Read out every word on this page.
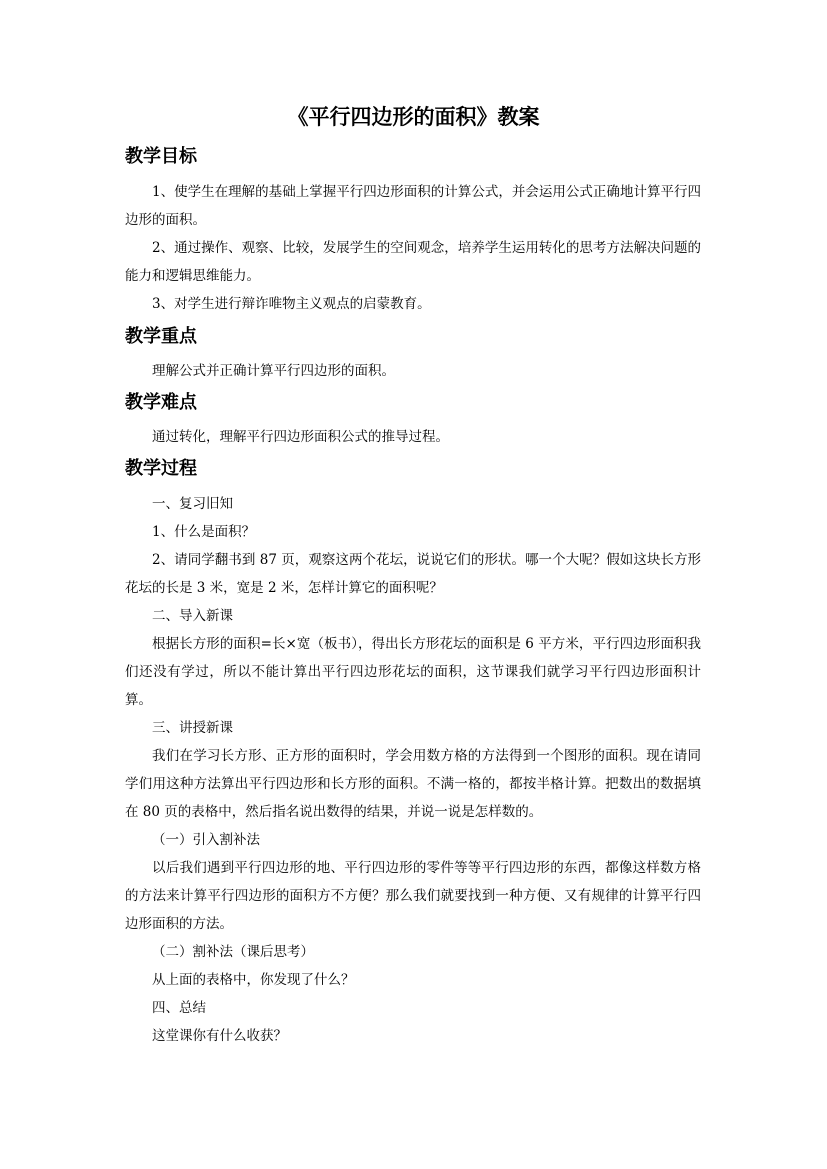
《平行四边形的面积》教案
教学目标

1、使学生在理解的基础上掌握平行四边形面积的计算公式，并会运用公式正确地计算平行四边形的面积。

2、通过操作、观察、比较，发展学生的空间观念，培养学生运用转化的思考方法解决问题的能力和逻辑思维能力。

3、对学生进行辩诈唯物主义观点的启蒙教育。

教学重点

理解公式并正确计算平行四边形的面积。

教学难点

通过转化，理解平行四边形面积公式的推导过程。

教学过程

一、复习旧知

1、什么是面积？

2、请同学翻书到 87 页，观察这两个花坛，说说它们的形状。哪一个大呢？假如这块长方形花坛的长是 3 米，宽是 2 米，怎样计算它的面积呢？

二、导入新课

根据长方形的面积=长×宽（板书），得出长方形花坛的面积是 6 平方米，平行四边形面积我们还没有学过，所以不能计算出平行四边形花坛的面积，这节课我们就学习平行四边形面积计算。

三、讲授新课

我们在学习长方形、正方形的面积时，学会用数方格的方法得到一个图形的面积。现在请同学们用这种方法算出平行四边形和长方形的面积。不满一格的，都按半格计算。把数出的数据填在 80 页的表格中，然后指名说出数得的结果，并说一说是怎样数的。

（一）引入割补法

以后我们遇到平行四边形的地、平行四边形的零件等等平行四边形的东西，都像这样数方格的方法来计算平行四边形的面积方不方便？那么我们就要找到一种方便、又有规律的计算平行四边形面积的方法。

（二）割补法（课后思考）

从上面的表格中，你发现了什么？

四、总结

这堂课你有什么收获？
